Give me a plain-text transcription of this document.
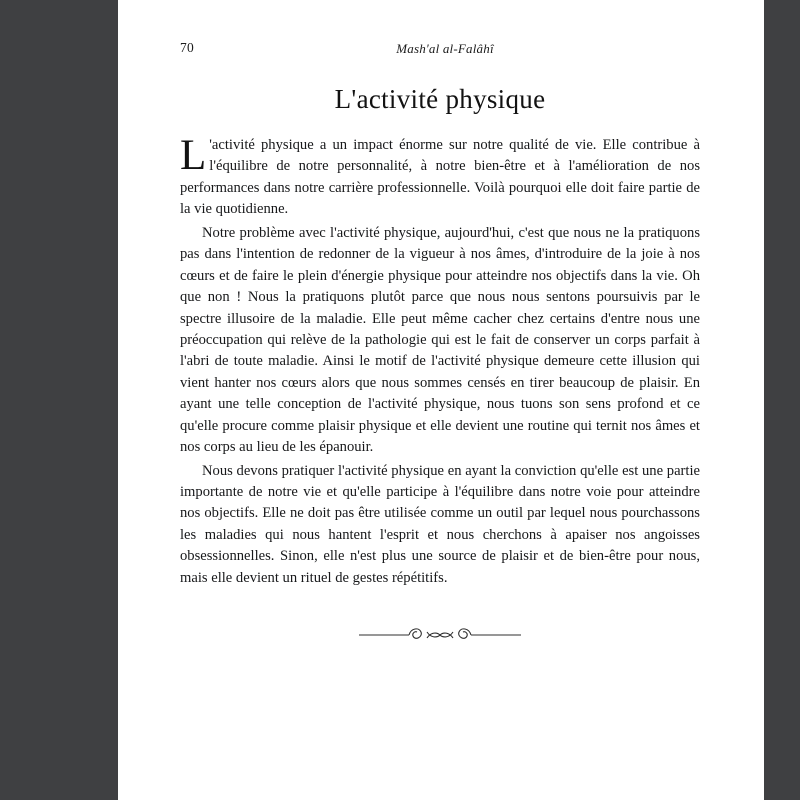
70	Mash'al al-Falâhî
L'activité physique

L 'activité physique a un impact énorme sur notre qualité de vie. Elle contribue à l'équilibre de notre personnalité, à notre bien-être et à l'amélioration de nos performances dans notre carrière professionnelle. Voilà pourquoi elle doit faire partie de la vie quotidienne.

Notre problème avec l'activité physique, aujourd'hui, c'est que nous ne la pratiquons pas dans l'intention de redonner de la vigueur à nos âmes, d'introduire de la joie à nos cœurs et de faire le plein d'énergie physique pour atteindre nos objectifs dans la vie. Oh que non ! Nous la pratiquons plutôt parce que nous nous sentons poursuivis par le spectre illusoire de la maladie. Elle peut même cacher chez certains d'entre nous une préoccupation qui relève de la pathologie qui est le fait de conserver un corps parfait à l'abri de toute maladie. Ainsi le motif de l'activité physique demeure cette illusion qui vient hanter nos cœurs alors que nous sommes censés en tirer beaucoup de plaisir. En ayant une telle conception de l'activité physique, nous tuons son sens profond et ce qu'elle procure comme plaisir physique et elle devient une routine qui ternit nos âmes et nos corps au lieu de les épanouir.

Nous devons pratiquer l'activité physique en ayant la conviction qu'elle est une partie importante de notre vie et qu'elle participe à l'équilibre dans notre voie pour atteindre nos objectifs. Elle ne doit pas être utilisée comme un outil par lequel nous pourchassons les maladies qui nous hantent l'esprit et nous cherchons à apaiser nos angoisses obsessionnelles. Sinon, elle n'est plus une source de plaisir et de bien-être pour nous, mais elle devient un rituel de gestes répétitifs.
